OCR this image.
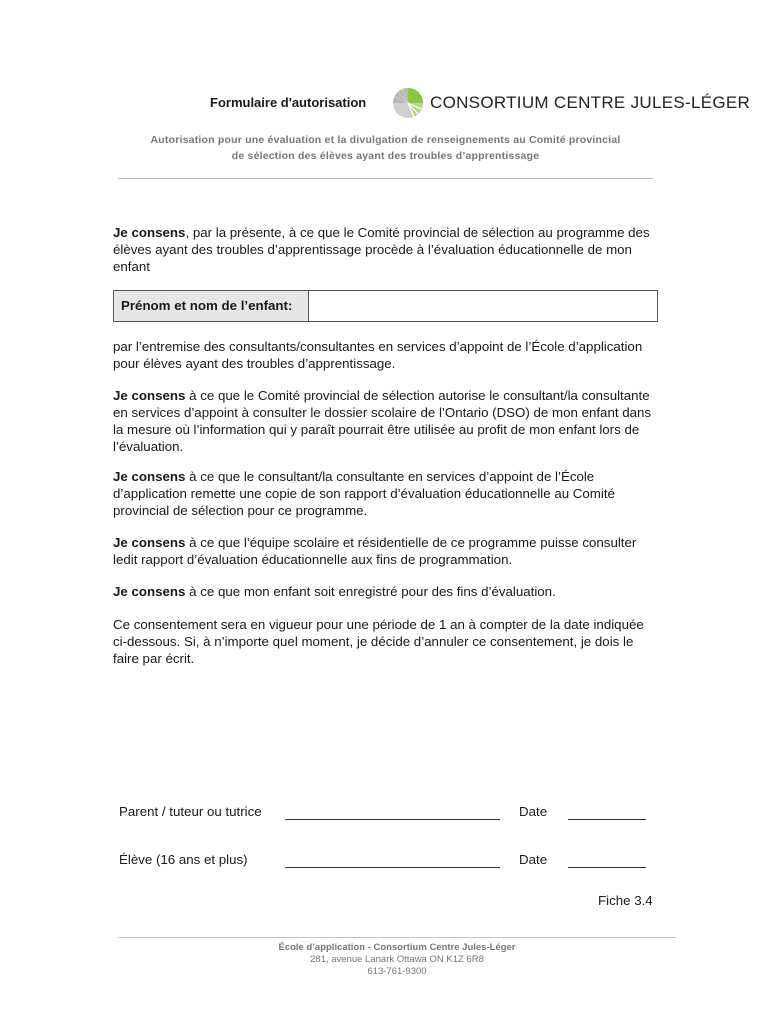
Formulaire d'autorisation	CONSORTIUM CENTRE JULES-LÉGER
Autorisation pour une évaluation et la divulgation de renseignements au Comité provincial
de sélection des élèves ayant des troubles d’apprentissage
Je consens, par la présente, à ce que le Comité provincial de sélection au programme des élèves ayant des troubles d’apprentissage procède à l’évaluation éducationnelle de mon enfant
Prénom et nom de l’enfant:
par l’entremise des consultants/consultantes en services d’appoint de l’École d’application pour élèves ayant des troubles d’apprentissage.
Je consens à ce que le Comité provincial de sélection autorise le consultant/la consultante en services d’appoint à consulter le dossier scolaire de l’Ontario (DSO) de mon enfant dans la mesure où l’information qui y paraît pourrait être utilisée au profit de mon enfant lors de l’évaluation.
Je consens à ce que le consultant/la consultante en services d’appoint de l’École d’application remette une copie de son rapport d’évaluation éducationnelle au Comité provincial de sélection pour ce programme.
Je consens à ce que l’équipe scolaire et résidentielle de ce programme puisse consulter ledit rapport d’évaluation éducationnelle aux fins de programmation.
Je consens à ce que mon enfant soit enregistré pour des fins d’évaluation.
Ce consentement sera en vigueur pour une période de 1 an à compter de la date indiquée ci-dessous. Si, à n’importe quel moment, je décide d’annuler ce consentement, je dois le faire par écrit.
Parent / tuteur ou tutrice	Date
Élève (16 ans et plus)	Date
Fiche 3.4
École d’application - Consortium Centre Jules-Léger
281, avenue Lanark Ottawa ON K1Z 6R8
613-761-9300
